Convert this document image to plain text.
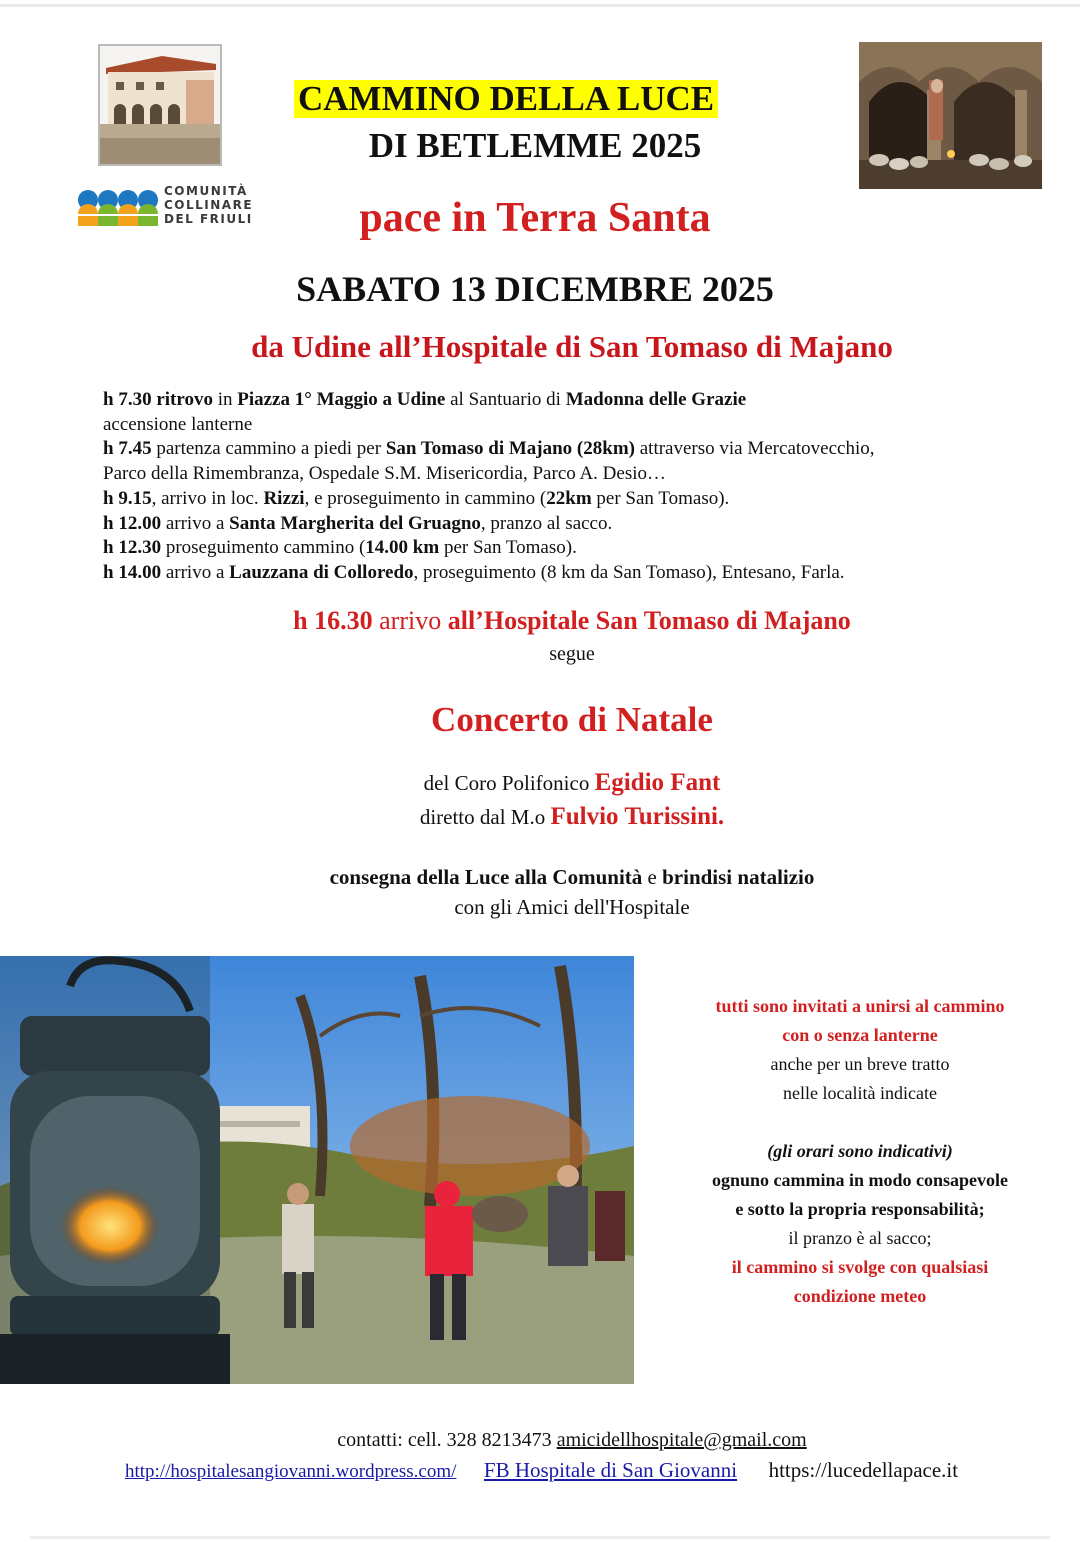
COMUNITÀ
COLLINARE
DEL FRIULI
CAMMINO DELLA LUCE
DI BETLEMME 2025
pace in Terra Santa
SABATO 13 DICEMBRE 2025
da Udine all’Hospitale di San Tomaso di Majano

h 7.30 ritrovo in Piazza 1° Maggio a Udine al Santuario di Madonna delle Grazie

accensione lanterne

h 7.45 partenza cammino a piedi per San Tomaso di Majano (28km) attraverso via Mercatovecchio,

Parco della Rimembranza, Ospedale S.M. Misericordia, Parco A. Desio…

h 9.15, arrivo in loc. Rizzi, e proseguimento in cammino (22km per San Tomaso).

h 12.00 arrivo a Santa Margherita del Gruagno, pranzo al sacco.

h 12.30 proseguimento cammino (14.00 km per San Tomaso).

h 14.00 arrivo a Lauzzana di Colloredo, proseguimento (8 km da San Tomaso), Entesano, Farla.

h 16.30 arrivo all’Hospitale San Tomaso di Majano
segue
Concerto di Natale
del Coro Polifonico Egidio Fant
diretto dal M.o Fulvio Turissini.
consegna della Luce alla Comunità e brindisi natalizio
con gli Amici dell'Hospitale

tutti sono invitati a unirsi al cammino

con o senza lanterne

anche per un breve tratto

nelle località indicate

(gli orari sono indicativi)

ognuno cammina in modo consapevole

e sotto la propria responsabilità;

il pranzo è al sacco;

il cammino si svolge con qualsiasi

condizione meteo

contatti: cell. 328 8213473 amicidellhospitale@gmail.com
http://hospitalesangiovanni.wordpress.com/ FB Hospitale di San Giovanni https://lucedellapace.it
